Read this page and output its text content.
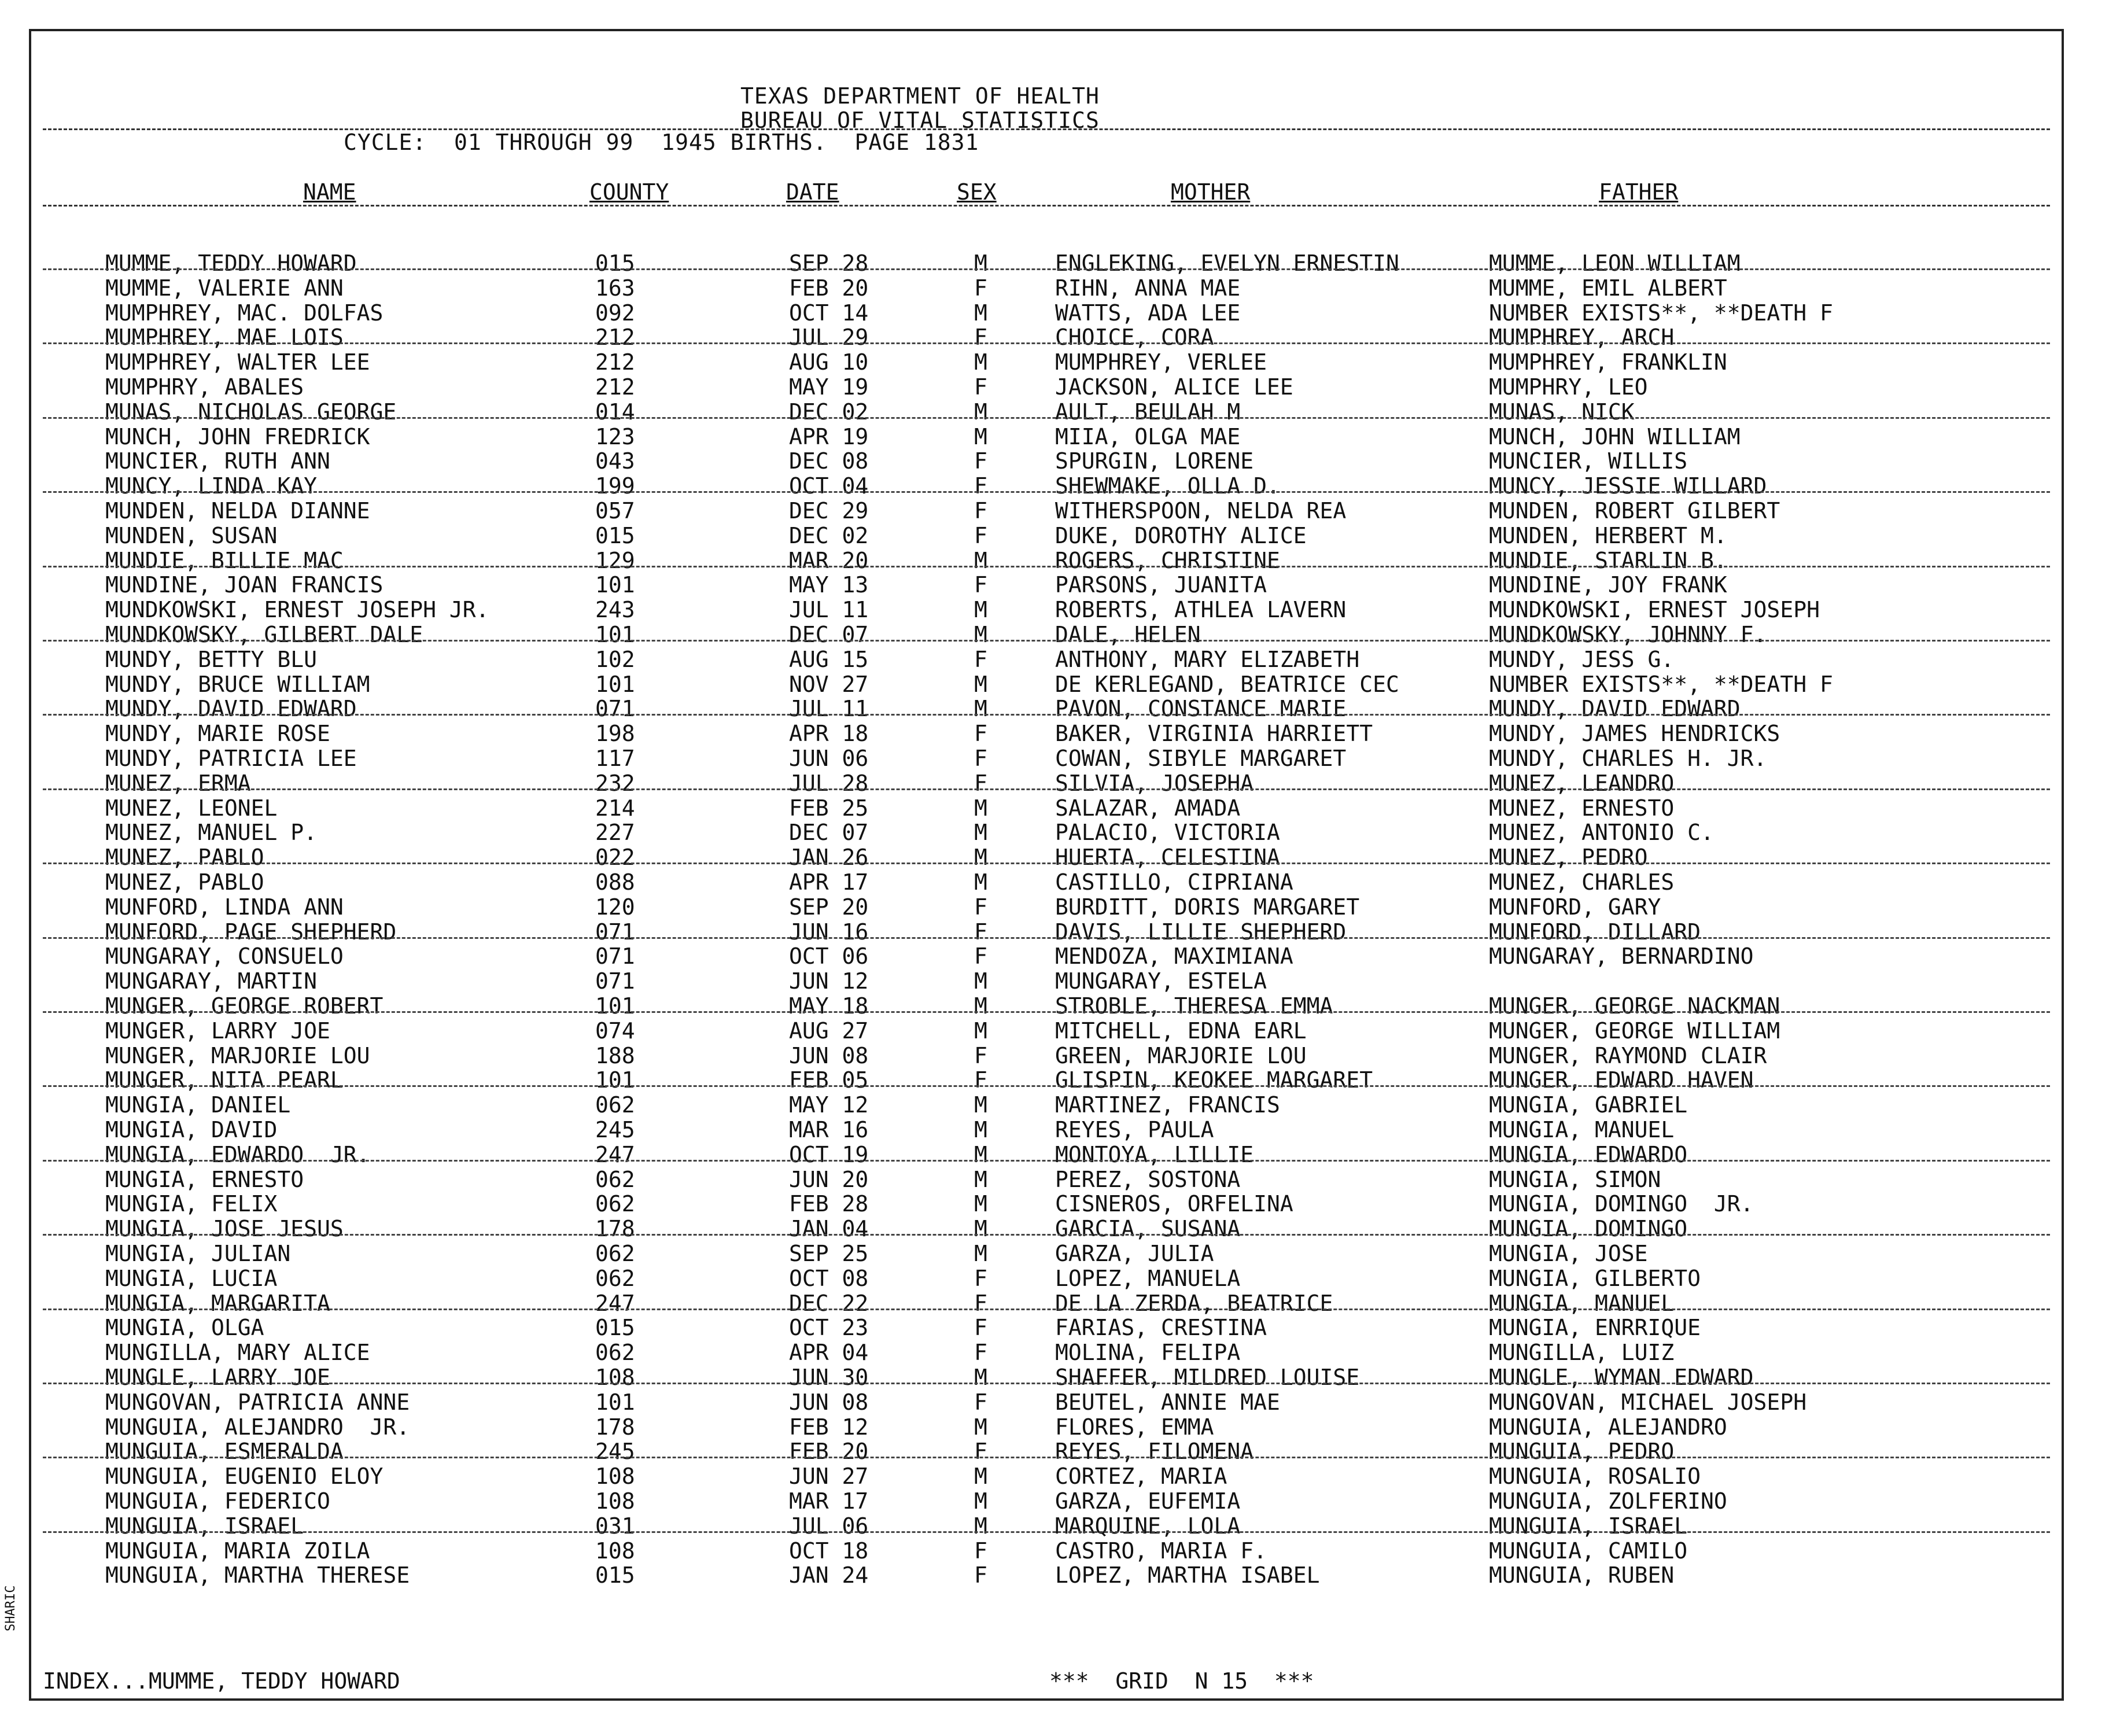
TEXAS DEPARTMENT OF HEALTH
BUREAU OF VITAL STATISTICS
CYCLE:  01 THROUGH 99  1945 BIRTHS.  PAGE 1831
NAME	COUNTY	DATE	SEX	MOTHER	FATHER
MUMME, TEDDY HOWARD	015	SEP 28	M	ENGLEKING, EVELYN ERNESTIN	MUMME, LEON WILLIAM
MUMME, VALERIE ANN	163	FEB 20	F	RIHN, ANNA MAE	MUMME, EMIL ALBERT
MUMPHREY, MAC. DOLFAS	092	OCT 14	M	WATTS, ADA LEE	NUMBER EXISTS**, **DEATH F
MUMPHREY, MAE LOIS	212	JUL 29	F	CHOICE, CORA	MUMPHREY, ARCH
MUMPHREY, WALTER LEE	212	AUG 10	M	MUMPHREY, VERLEE	MUMPHREY, FRANKLIN
MUMPHRY, ABALES	212	MAY 19	F	JACKSON, ALICE LEE	MUMPHRY, LEO
MUNAS, NICHOLAS GEORGE	014	DEC 02	M	AULT, BEULAH M	MUNAS, NICK
MUNCH, JOHN FREDRICK	123	APR 19	M	MIIA, OLGA MAE	MUNCH, JOHN WILLIAM
MUNCIER, RUTH ANN	043	DEC 08	F	SPURGIN, LORENE	MUNCIER, WILLIS
MUNCY, LINDA KAY	199	OCT 04	F	SHEWMAKE, OLLA D.	MUNCY, JESSIE WILLARD
MUNDEN, NELDA DIANNE	057	DEC 29	F	WITHERSPOON, NELDA REA	MUNDEN, ROBERT GILBERT
MUNDEN, SUSAN	015	DEC 02	F	DUKE, DOROTHY ALICE	MUNDEN, HERBERT M.
MUNDIE, BILLIE MAC	129	MAR 20	M	ROGERS, CHRISTINE	MUNDIE, STARLIN B.
MUNDINE, JOAN FRANCIS	101	MAY 13	F	PARSONS, JUANITA	MUNDINE, JOY FRANK
MUNDKOWSKI, ERNEST JOSEPH JR.	243	JUL 11	M	ROBERTS, ATHLEA LAVERN	MUNDKOWSKI, ERNEST JOSEPH
MUNDKOWSKY, GILBERT DALE	101	DEC 07	M	DALE, HELEN	MUNDKOWSKY, JOHNNY F.
MUNDY, BETTY BLU	102	AUG 15	F	ANTHONY, MARY ELIZABETH	MUNDY, JESS G.
MUNDY, BRUCE WILLIAM	101	NOV 27	M	DE KERLEGAND, BEATRICE CEC	NUMBER EXISTS**, **DEATH F
MUNDY, DAVID EDWARD	071	JUL 11	M	PAVON, CONSTANCE MARIE	MUNDY, DAVID EDWARD
MUNDY, MARIE ROSE	198	APR 18	F	BAKER, VIRGINIA HARRIETT	MUNDY, JAMES HENDRICKS
MUNDY, PATRICIA LEE	117	JUN 06	F	COWAN, SIBYLE MARGARET	MUNDY, CHARLES H. JR.
MUNEZ, ERMA	232	JUL 28	F	SILVIA, JOSEPHA	MUNEZ, LEANDRO
MUNEZ, LEONEL	214	FEB 25	M	SALAZAR, AMADA	MUNEZ, ERNESTO
MUNEZ, MANUEL P.	227	DEC 07	M	PALACIO, VICTORIA	MUNEZ, ANTONIO C.
MUNEZ, PABLO	022	JAN 26	M	HUERTA, CELESTINA	MUNEZ, PEDRO
MUNEZ, PABLO	088	APR 17	M	CASTILLO, CIPRIANA	MUNEZ, CHARLES
MUNFORD, LINDA ANN	120	SEP 20	F	BURDITT, DORIS MARGARET	MUNFORD, GARY
MUNFORD, PAGE SHEPHERD	071	JUN 16	F	DAVIS, LILLIE SHEPHERD	MUNFORD, DILLARD
MUNGARAY, CONSUELO	071	OCT 06	F	MENDOZA, MAXIMIANA	MUNGARAY, BERNARDINO
MUNGARAY, MARTIN	071	JUN 12	M	MUNGARAY, ESTELA
MUNGER, GEORGE ROBERT	101	MAY 18	M	STROBLE, THERESA EMMA	MUNGER, GEORGE NACKMAN
MUNGER, LARRY JOE	074	AUG 27	M	MITCHELL, EDNA EARL	MUNGER, GEORGE WILLIAM
MUNGER, MARJORIE LOU	188	JUN 08	F	GREEN, MARJORIE LOU	MUNGER, RAYMOND CLAIR
MUNGER, NITA PEARL	101	FEB 05	F	GLISPIN, KEOKEE MARGARET	MUNGER, EDWARD HAVEN
MUNGIA, DANIEL	062	MAY 12	M	MARTINEZ, FRANCIS	MUNGIA, GABRIEL
MUNGIA, DAVID	245	MAR 16	M	REYES, PAULA	MUNGIA, MANUEL
MUNGIA, EDWARDO  JR.	247	OCT 19	M	MONTOYA, LILLIE	MUNGIA, EDWARDO
MUNGIA, ERNESTO	062	JUN 20	M	PEREZ, SOSTONA	MUNGIA, SIMON
MUNGIA, FELIX	062	FEB 28	M	CISNEROS, ORFELINA	MUNGIA, DOMINGO  JR.
MUNGIA, JOSE JESUS	178	JAN 04	M	GARCIA, SUSANA	MUNGIA, DOMINGO
MUNGIA, JULIAN	062	SEP 25	M	GARZA, JULIA	MUNGIA, JOSE
MUNGIA, LUCIA	062	OCT 08	F	LOPEZ, MANUELA	MUNGIA, GILBERTO
MUNGIA, MARGARITA	247	DEC 22	F	DE LA ZERDA, BEATRICE	MUNGIA, MANUEL
MUNGIA, OLGA	015	OCT 23	F	FARIAS, CRESTINA	MUNGIA, ENRRIQUE
MUNGILLA, MARY ALICE	062	APR 04	F	MOLINA, FELIPA	MUNGILLA, LUIZ
MUNGLE, LARRY JOE	108	JUN 30	M	SHAFFER, MILDRED LOUISE	MUNGLE, WYMAN EDWARD
MUNGOVAN, PATRICIA ANNE	101	JUN 08	F	BEUTEL, ANNIE MAE	MUNGOVAN, MICHAEL JOSEPH
MUNGUIA, ALEJANDRO  JR.	178	FEB 12	M	FLORES, EMMA	MUNGUIA, ALEJANDRO
MUNGUIA, ESMERALDA	245	FEB 20	F	REYES, FILOMENA	MUNGUIA, PEDRO
MUNGUIA, EUGENIO ELOY	108	JUN 27	M	CORTEZ, MARIA	MUNGUIA, ROSALIO
MUNGUIA, FEDERICO	108	MAR 17	M	GARZA, EUFEMIA	MUNGUIA, ZOLFERINO
MUNGUIA, ISRAEL	031	JUL 06	M	MARQUINE, LOLA	MUNGUIA, ISRAEL
MUNGUIA, MARIA ZOILA	108	OCT 18	F	CASTRO, MARIA F.	MUNGUIA, CAMILO
MUNGUIA, MARTHA THERESE	015	JAN 24	F	LOPEZ, MARTHA ISABEL	MUNGUIA, RUBEN
INDEX...MUMME, TEDDY HOWARD	***  GRID  N 15  ***
SHARIC
